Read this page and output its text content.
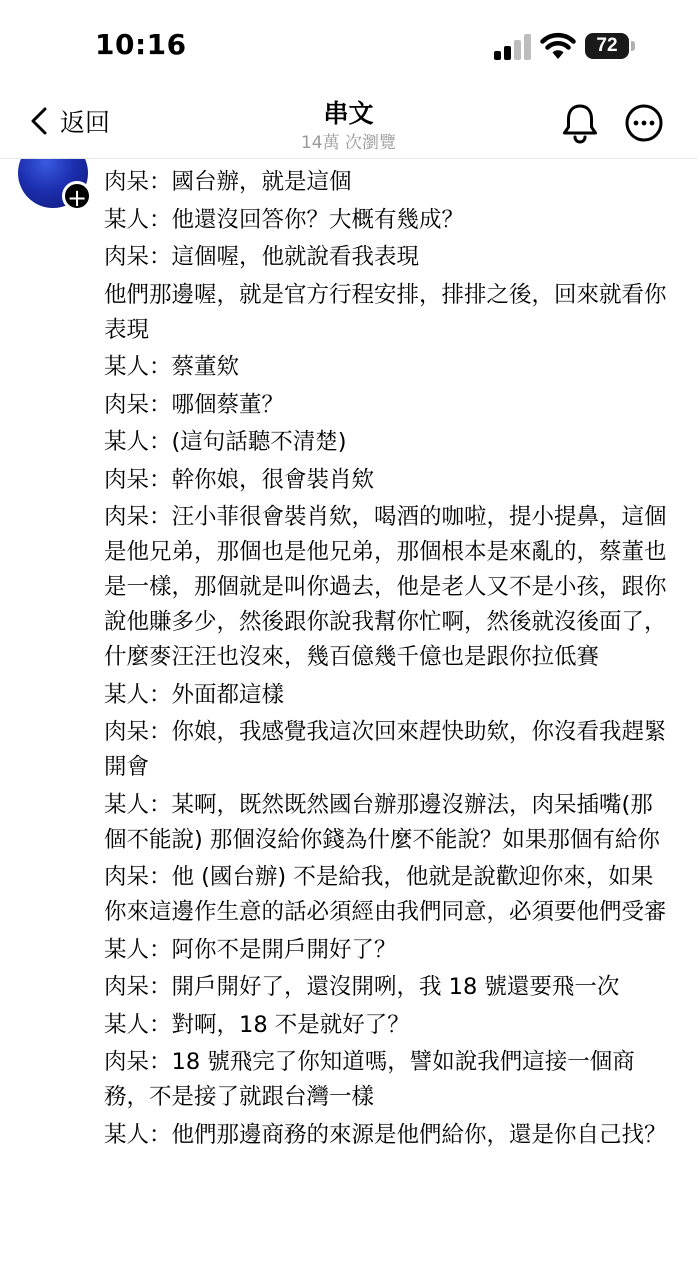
10:16	72
返回	串文
14萬 次瀏覽
+

肉呆：國台辦，就是這個

某人：他還沒回答你？大概有幾成？

肉呆：這個喔，他就說看我表現

他們那邊喔，就是官方行程安排，排排之後，回來就看你表現

某人：蔡董欸

肉呆：哪個蔡董？

某人：(這句話聽不清楚)

肉呆：幹你娘，很會裝肖欸

肉呆：汪小菲很會裝肖欸，喝酒的咖啦，提小提鼻，這個是他兄弟，那個也是他兄弟，那個根本是來亂的，蔡董也是一樣，那個就是叫你過去，他是老人又不是小孩，跟你說他賺多少，然後跟你說我幫你忙啊，然後就沒後面了，什麼麥汪汪也沒來，幾百億幾千億也是跟你拉低賽

某人：外面都這樣

肉呆：你娘，我感覺我這次回來趕快助欸，你沒看我趕緊開會

某人：某啊，既然既然國台辦那邊沒辦法，肉呆插嘴(那個不能說) 那個沒給你錢為什麼不能說？如果那個有給你

肉呆：他 (國台辦) 不是給我，他就是說歡迎你來，如果你來這邊作生意的話必須經由我們同意，必須要他們受審

某人：阿你不是開戶開好了？

肉呆：開戶開好了，還沒開咧，我 18 號還要飛一次

某人：對啊，18 不是就好了？

肉呆：18 號飛完了你知道嗎，譬如說我們這接一個商務，不是接了就跟台灣一樣

某人：他們那邊商務的來源是他們給你，還是你自己找？
